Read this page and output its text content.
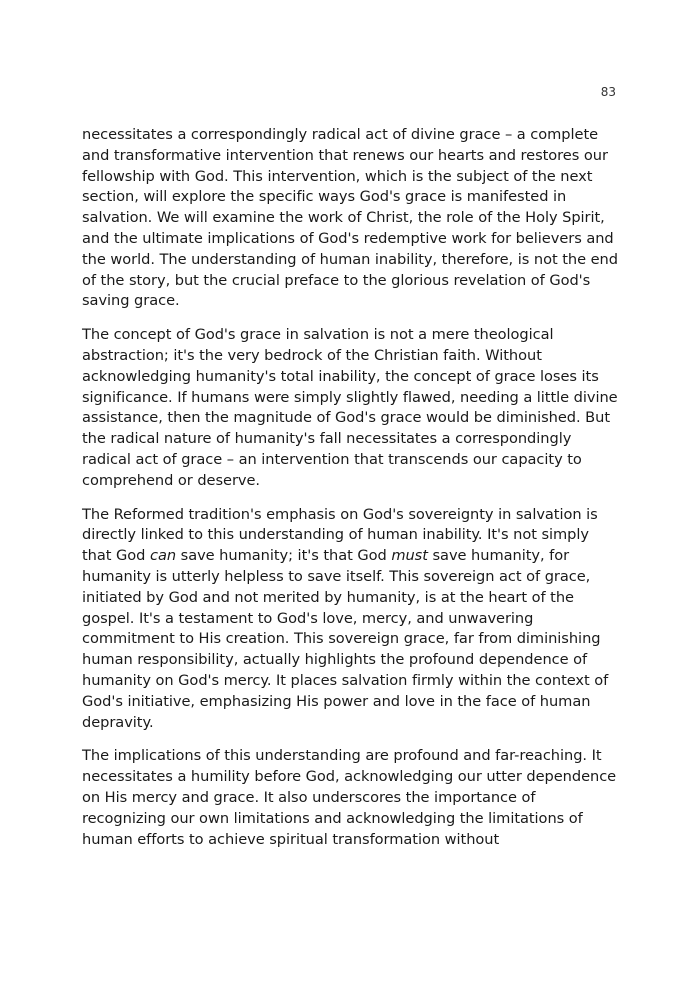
83

necessitates a correspondingly radical act of divine grace – a complete and transformative intervention that renews our hearts and restores our fellowship with God. This intervention, which is the subject of the next section, will explore the specific ways God's grace is manifested in salvation. We will examine the work of Christ, the role of the Holy Spirit, and the ultimate implications of God's redemptive work for believers and the world. The understanding of human inability, therefore, is not the end of the story, but the crucial preface to the glorious revelation of God's saving grace.

The concept of God's grace in salvation is not a mere theological abstraction; it's the very bedrock of the Christian faith. Without acknowledging humanity's total inability, the concept of grace loses its significance. If humans were simply slightly flawed, needing a little divine assistance, then the magnitude of God's grace would be diminished. But the radical nature of humanity's fall necessitates a correspondingly radical act of grace – an intervention that transcends our capacity to comprehend or deserve.

The Reformed tradition's emphasis on God's sovereignty in salvation is directly linked to this understanding of human inability. It's not simply that God can save humanity; it's that God must save humanity, for humanity is utterly helpless to save itself. This sovereign act of grace, initiated by God and not merited by humanity, is at the heart of the gospel. It's a testament to God's love, mercy, and unwavering commitment to His creation. This sovereign grace, far from diminishing human responsibility, actually highlights the profound dependence of humanity on God's mercy. It places salvation firmly within the context of God's initiative, emphasizing His power and love in the face of human depravity.

The implications of this understanding are profound and far-reaching. It necessitates a humility before God, acknowledging our utter dependence on His mercy and grace. It also underscores the importance of recognizing our own limitations and acknowledging the limitations of human efforts to achieve spiritual transformation without
